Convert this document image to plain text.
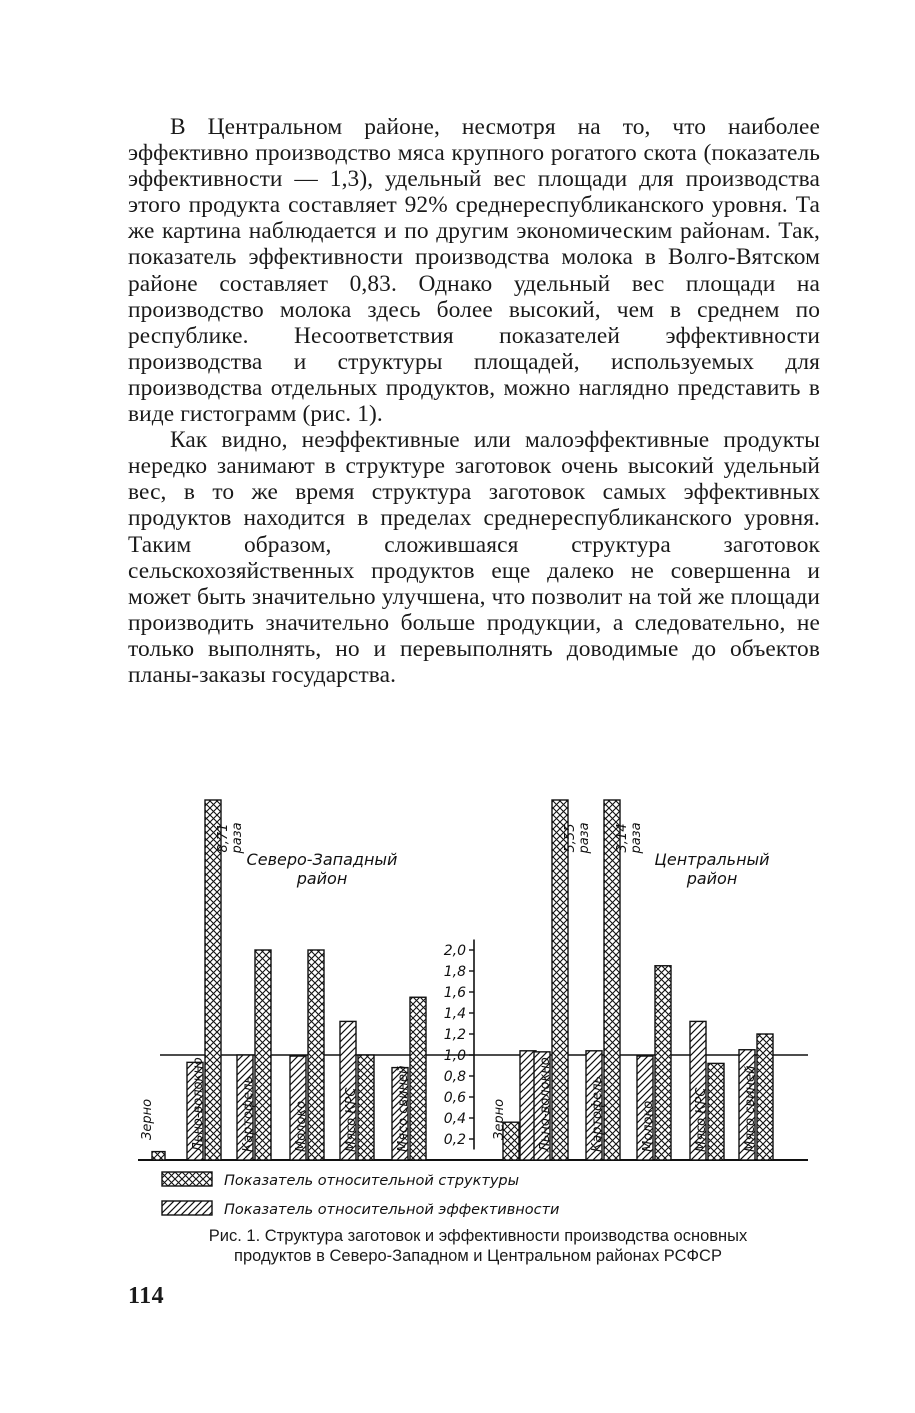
В Центральном районе, несмотря на то, что наиболее эффективно производство мяса крупного рогатого скота (показатель эффективности — 1,3), удельный вес площади для производства этого продукта составляет 92% среднереспубликанского уровня. Та же картина наблюдается и по другим экономическим районам. Так, показатель эффективности производства молока в Волго-Вятском районе составляет 0,83. Однако удельный вес площади на производство молока здесь более высокий, чем в среднем по республике. Несоответствия показателей эффективности производства и структуры площадей, используемых для производства отдельных продуктов, можно наглядно представить в виде гистограмм (рис. 1).

Как видно, неэффективные или малоэффективные продукты нередко занимают в структуре заготовок очень высокий удельный вес, в то же время структура заготовок самых эффективных продуктов находится в пределах среднереспубликанского уровня. Таким образом, сложившаяся структура заготовок сельскохозяйственных продуктов еще далеко не совершенна и может быть значительно улучшена, что позволит на той же площади производить значительно больше продукции, а следовательно, не только выполнять, но и перевыполнять доводимые до объектов планы-заказы государства.

0,2
0,4
0,6
0,8
1,0
1,2
1,4
1,6
1,8
2,0
Зерно
8,71 раза
Льно-волокно	Картофель	Молоко	Мясо КРС	Мясо свиней
Северо-Западный
район
Зерно
5,55 раза
Льно-волокно
3,14 раза
Картофель	Молоко	Мясо КРС	Мясо свиней
Центральный
район
Показатель относительной структуры
Показатель относительной эффективности
Рис. 1. Структура заготовок и эффективности производства основных
продуктов в Северо-Западном и Центральном районах РСФСР
114
